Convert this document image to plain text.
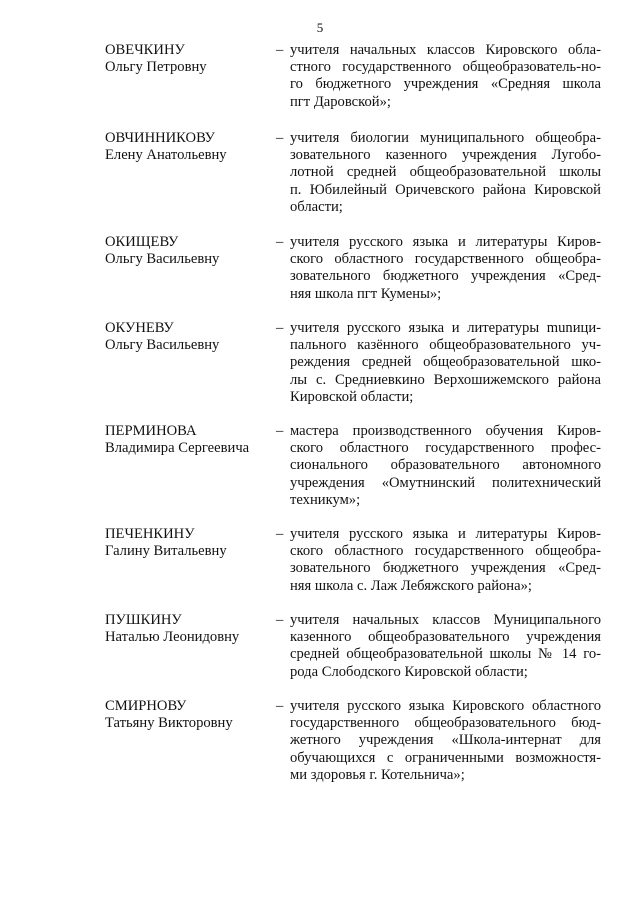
5
ОВЕЧКИНУ
Ольгу Петровну
– учителя начальных классов Кировского обла-
стного государственного общеобразователь-но-
го бюджетного учреждения «Средняя школа
пгт Даровской»;
ОВЧИННИКОВУ
Елену Анатольевну
– учителя биологии муниципального общеобра-
зовательного казенного учреждения Лугобо-
лотной средней общеобразовательной школы
п. Юбилейный Оричевского района Кировской
области;
ОКИЩЕВУ
Ольгу Васильевну
– учителя русского языка и литературы Киров-
ского областного государственного общеобра-
зовательного бюджетного учреждения «Сред-
няя школа пгт Кумены»;
ОКУНЕВУ
Ольгу Васильевну
– учителя русского языка и литературы munици-
пального казённого общеобразовательного уч-
реждения средней общеобразовательной шко-
лы с. Средниевкино Верхошижемского района
Кировской области;
ПЕРМИНОВА
Владимира Сергеевича
– мастера производственного обучения Киров-
ского областного государственного профес-
сионального образовательного автономного
учреждения «Омутнинский политехнический
техникум»;
ПЕЧЕНКИНУ
Галину Витальевну
– учителя русского языка и литературы Киров-
ского областного государственного общеобра-
зовательного бюджетного учреждения «Сред-
няя школа с. Лаж Лебяжского района»;
ПУШКИНУ
Наталью Леонидовну
– учителя начальных классов Муниципального
казенного общеобразовательного учреждения
средней общеобразовательной школы № 14 го-
рода Слободского Кировской области;
СМИРНОВУ
Татьяну Викторовну
– учителя русского языка Кировского областного
государственного общеобразовательного бюд-
жетного учреждения «Школа-интернат для
обучающихся с ограниченными возможностя-
ми здоровья г. Котельнича»;
